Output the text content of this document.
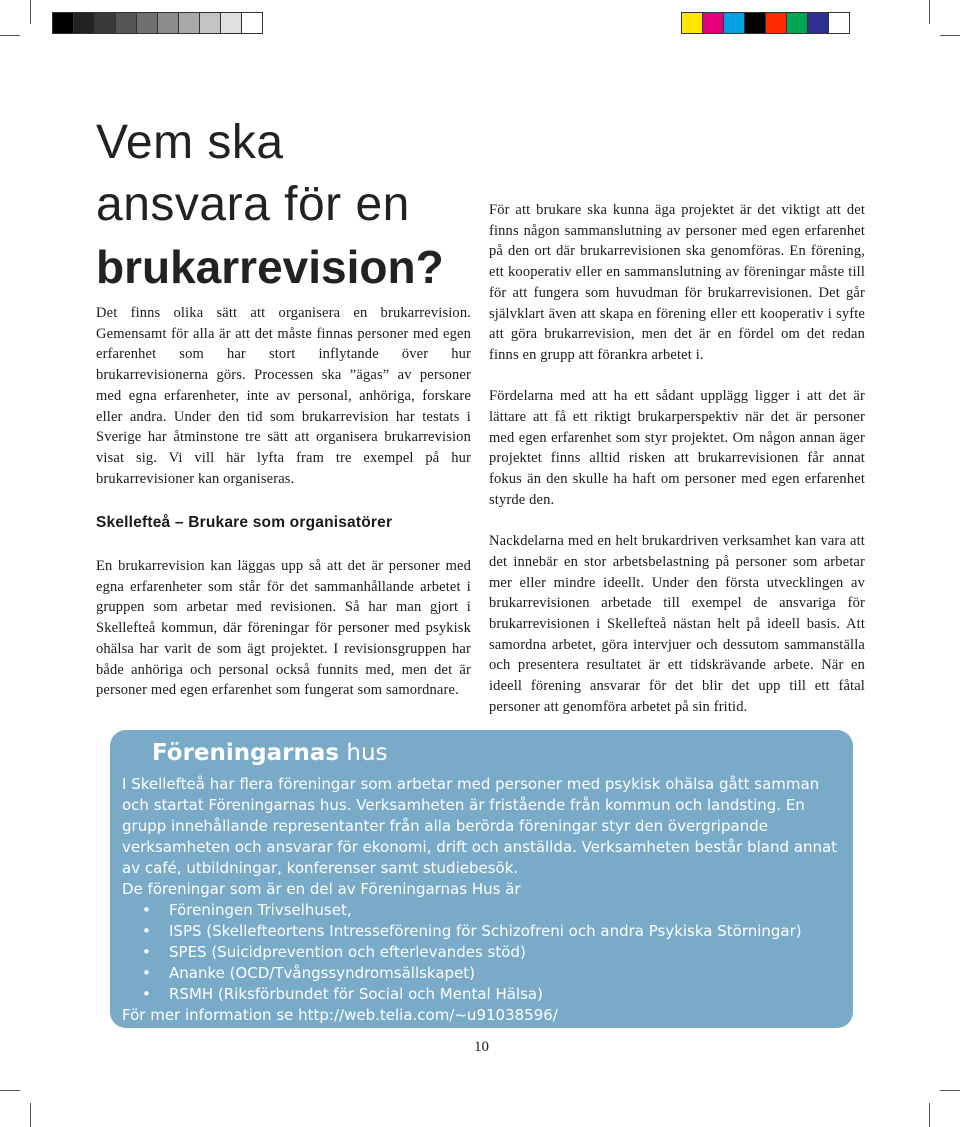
Vem ska
ansvara för en
brukarrevision?

Det finns olika sätt att organisera en brukarrevision. Gemensamt för alla är att det måste finnas personer med egen erfarenhet som har stort inflytande över hur brukarrevisionerna görs. Processen ska ”ägas” av personer med egna erfarenheter, inte av personal, anhöriga, forskare eller andra. Under den tid som brukarrevision har testats i Sverige har åtminstone tre sätt att organisera brukarrevision visat sig. Vi vill här lyfta fram tre exempel på hur brukarrevisioner kan organiseras.

Skellefteå – Brukare som organisatörer

En brukarrevision kan läggas upp så att det är personer med egna erfarenheter som står för det sammanhållande arbetet i gruppen som arbetar med revisionen. Så har man gjort i Skellefteå kommun, där föreningar för personer med psykisk ohälsa har varit de som ägt projektet. I revisionsgruppen har både anhöriga och personal också funnits med, men det är personer med egen erfarenhet som fungerat som samordnare.

För att brukare ska kunna äga projektet är det viktigt att det finns någon sammanslutning av personer med egen erfarenhet på den ort där brukarrevisionen ska genomföras. En förening, ett kooperativ eller en sammanslutning av föreningar måste till för att fungera som huvudman för brukarrevisionen. Det går självklart även att skapa en förening eller ett kooperativ i syfte att göra brukarrevision, men det är en fördel om det redan finns en grupp att förankra arbetet i.

Fördelarna med att ha ett sådant upplägg ligger i att det är lättare att få ett riktigt brukarperspektiv när det är personer med egen erfarenhet som styr projektet. Om någon annan äger projektet finns alltid risken att brukarrevisionen får annat fokus än den skulle ha haft om personer med egen erfarenhet styrde den.

Nackdelarna med en helt brukardriven verksamhet kan vara att det innebär en stor arbetsbelastning på personer som arbetar mer eller mindre ideellt. Under den första utvecklingen av brukarrevisionen arbetade till exempel de ansvariga för brukarrevisionen i Skellefteå nästan helt på ideell basis. Att samordna arbetet, göra intervjuer och dessutom sammanställa och presentera resultatet är ett tidskrävande arbete. När en ideell förening ansvarar för det blir det upp till ett fåtal personer att genomföra arbetet på sin fritid.

Föreningarnas hus

I Skellefteå har flera föreningar som arbetar med personer med psykisk ohälsa gått samman och startat Föreningarnas hus. Verksamheten är fristående från kommun och landsting. En grupp innehållande representanter från alla berörda föreningar styr den övergripande verksamheten och ansvarar för ekonomi, drift och anställda. Verksamheten består bland annat av café, utbildningar, konferenser samt studiebesök.

De föreningar som är en del av Föreningarnas Hus är

• Föreningen Trivselhuset,
• ISPS (Skellefteortens Intresseförening för Schizofreni och andra Psykiska Störningar)
• SPES (Suicidprevention och efterlevandes stöd)
• Ananke (OCD/Tvångssyndromsällskapet)
• RSMH (Riksförbundet för Social och Mental Hälsa)

För mer information se http://web.telia.com/~u91038596/

10
